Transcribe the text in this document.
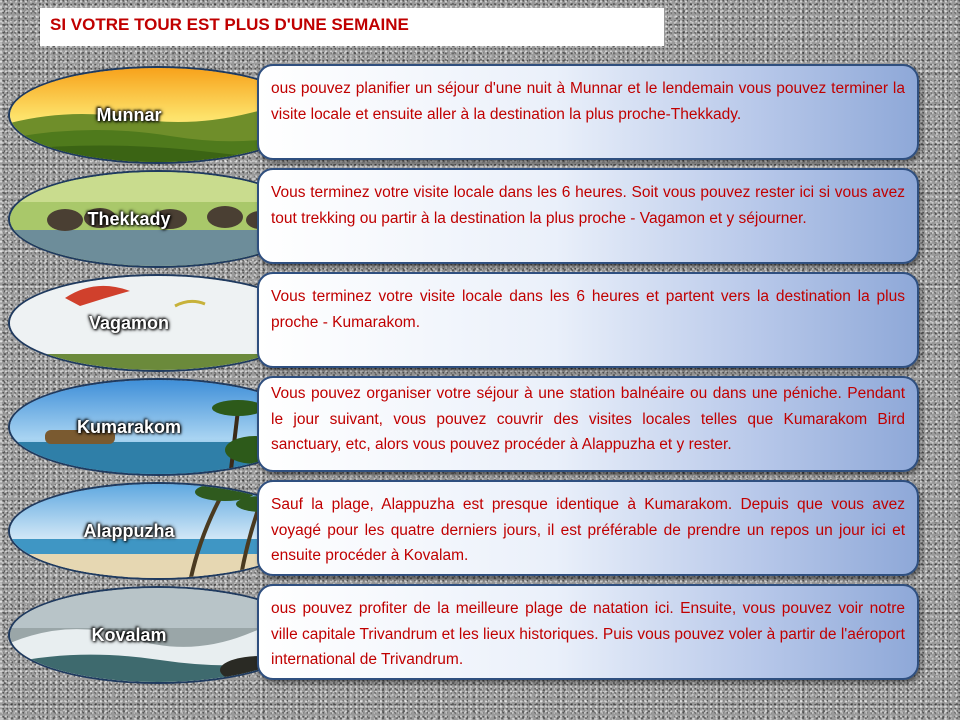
SI VOTRE TOUR EST PLUS D'UNE SEMAINE
Munnar
ous pouvez planifier un séjour d'une nuit à Munnar et le lendemain vous pouvez terminer la visite locale et ensuite aller à la destination la plus proche-Thekkady.
Thekkady
Vous terminez votre visite locale dans les 6 heures. Soit vous pouvez rester ici si vous avez tout trekking ou partir à la destination la plus proche - Vagamon et y séjourner.
Vagamon
Vous terminez votre visite locale dans les 6 heures et partent vers la destination la plus proche - Kumarakom.
Kumarakom
Vous pouvez organiser votre séjour à une station balnéaire ou dans une péniche. Pendant le jour suivant, vous pouvez couvrir des visites locales telles que Kumarakom Bird sanctuary, etc, alors vous pouvez procéder à Alappuzha et y rester.
Alappuzha
Sauf la plage, Alappuzha est presque identique à Kumarakom. Depuis que vous avez voyagé pour les quatre derniers jours, il est préférable de prendre un repos un jour ici et ensuite procéder à Kovalam.
Kovalam
ous pouvez profiter de la meilleure plage de natation ici. Ensuite, vous pouvez voir notre ville capitale Trivandrum et les lieux historiques. Puis vous pouvez voler à partir de l'aéroport international de Trivandrum.
